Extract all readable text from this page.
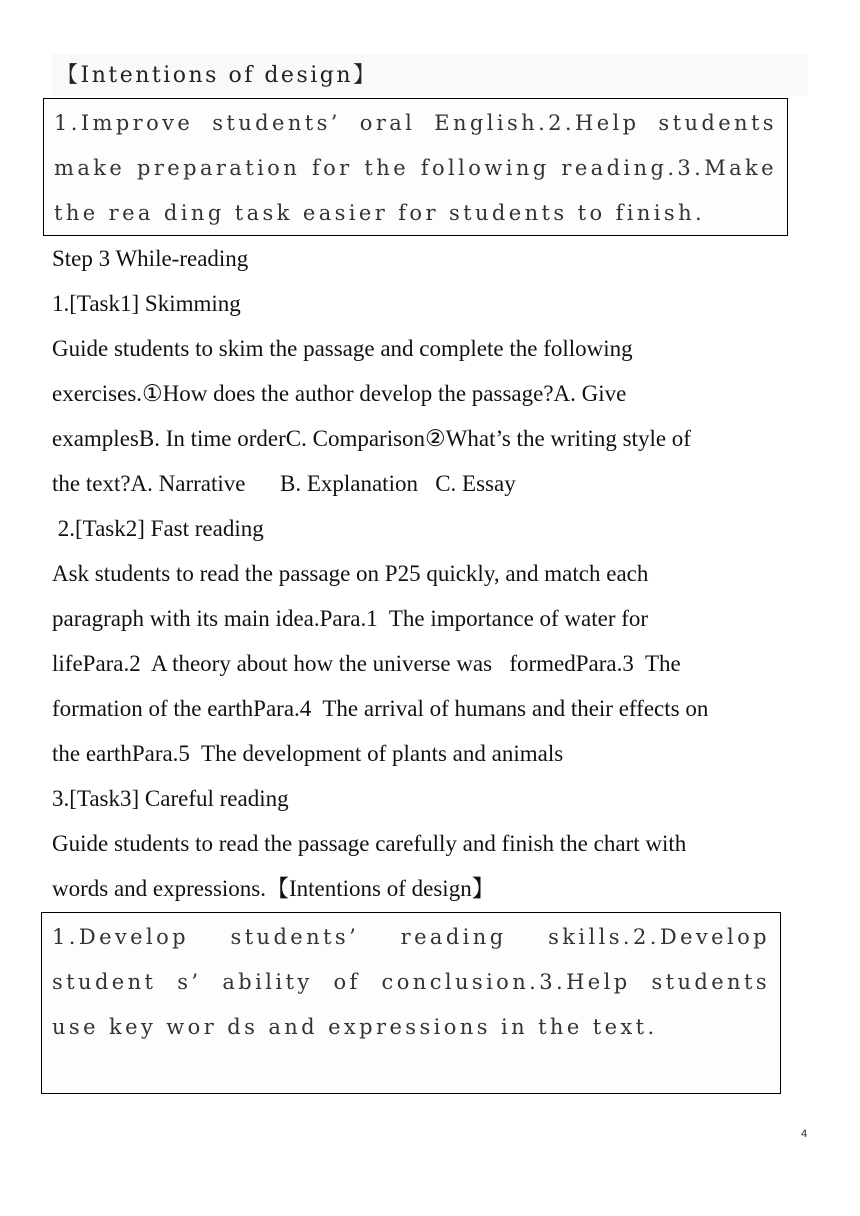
【Intentions of design】
1.Improve students’ oral English.2.Help students make preparation for the following reading.3.Make the rea ding task easier for students to finish.
Step 3 While-reading
1.[Task1] Skimming
Guide students to skim the passage and complete the following
exercises.①How does the author develop the passage?A. Give
examplesB. In time orderC. Comparison②What’s the writing style of
the text?A. Narrative      B. Explanation   C. Essay
2.[Task2] Fast reading
Ask students to read the passage on P25 quickly, and match each
paragraph with its main idea.Para.1  The importance of water for
lifePara.2  A theory about how the universe was   formedPara.3  The
formation of the earthPara.4  The arrival of humans and their effects on
the earthPara.5  The development of plants and animals
3.[Task3] Careful reading
Guide students to read the passage carefully and finish the chart with
words and expressions.【Intentions of design】
1.Develop students’ reading skills.2.Develop student s’ ability of conclusion.3.Help students use key wor ds and expressions in the text.
4
